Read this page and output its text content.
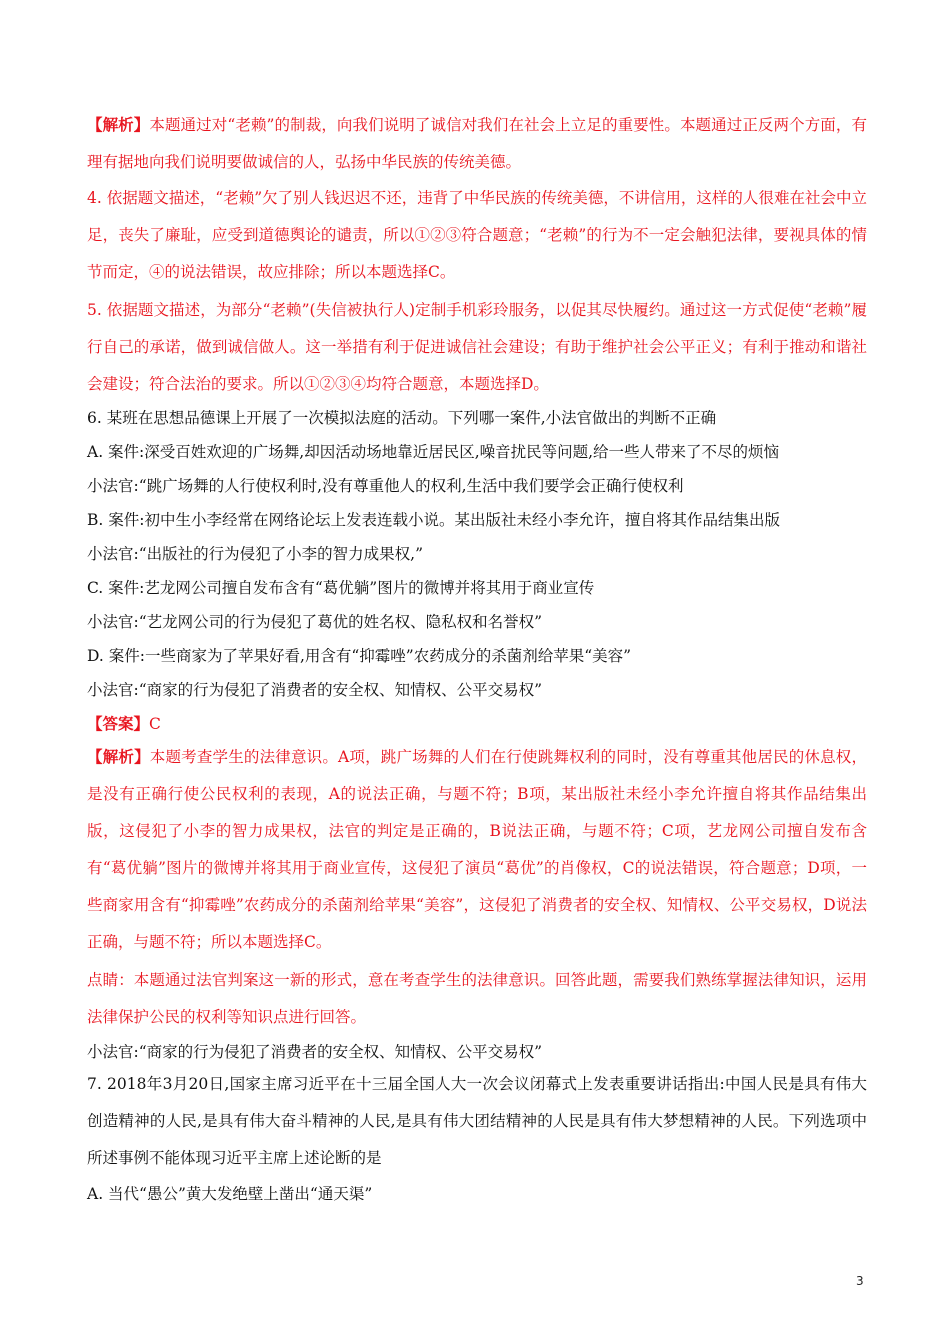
【解析】本题通过对“老赖”的制裁，向我们说明了诚信对我们在社会上立足的重要性。本题通过正反两个方面，有理有据地向我们说明要做诚信的人，弘扬中华民族的传统美德。

4. 依据题文描述，“老赖”欠了别人钱迟迟不还，违背了中华民族的传统美德，不讲信用，这样的人很难在社会中立足，丧失了廉耻，应受到道德舆论的谴责，所以①②③符合题意；“老赖”的行为不一定会触犯法律，要视具体的情节而定，④的说法错误，故应排除；所以本题选择C。

5. 依据题文描述，为部分“老赖”(失信被执行人)定制手机彩玲服务，以促其尽快履约。通过这一方式促使“老赖”履行自己的承诺，做到诚信做人。这一举措有利于促进诚信社会建设；有助于维护社会公平正义；有利于推动和谐社会建设；符合法治的要求。所以①②③④均符合题意，本题选择D。

6. 某班在思想品德课上开展了一次模拟法庭的活动。下列哪一案件,小法官做出的判断不正确

A. 案件:深受百姓欢迎的广场舞,却因活动场地靠近居民区,噪音扰民等问题,给一些人带来了不尽的烦恼

小法官:“跳广场舞的人行使权利时,没有尊重他人的权利,生活中我们要学会正确行使权利

B. 案件:初中生小李经常在网络论坛上发表连载小说。某出版社未经小李允许，擅自将其作品结集出版

小法官:“出版社的行为侵犯了小李的智力成果权,”

C. 案件:艺龙网公司擅自发布含有“葛优躺”图片的微博并将其用于商业宣传

小法官:“艺龙网公司的行为侵犯了葛优的姓名权、隐私权和名誉权”

D. 案件:一些商家为了苹果好看,用含有“抑霉唑”农药成分的杀菌剂给苹果“美容”

小法官:“商家的行为侵犯了消费者的安全权、知情权、公平交易权”

【答案】C

【解析】本题考查学生的法律意识。A项，跳广场舞的人们在行使跳舞权利的同时，没有尊重其他居民的休息权，是没有正确行使公民权利的表现，A的说法正确，与题不符；B项，某出版社未经小李允许擅自将其作品结集出版，这侵犯了小李的智力成果权，法官的判定是正确的，B说法正确，与题不符；C项，艺龙网公司擅自发布含有“葛优躺”图片的微博并将其用于商业宣传，这侵犯了演员“葛优”的肖像权，C的说法错误，符合题意；D项，一些商家用含有“抑霉唑”农药成分的杀菌剂给苹果“美容”，这侵犯了消费者的安全权、知情权、公平交易权，D说法正确，与题不符；所以本题选择C。

点睛：本题通过法官判案这一新的形式，意在考查学生的法律意识。回答此题，需要我们熟练掌握法律知识，运用法律保护公民的权利等知识点进行回答。

小法官:“商家的行为侵犯了消费者的安全权、知情权、公平交易权”

7. 2018年3月20日,国家主席习近平在十三届全国人大一次会议闭幕式上发表重要讲话指出:中国人民是具有伟大创造精神的人民,是具有伟大奋斗精神的人民,是具有伟大团结精神的人民是具有伟大梦想精神的人民。下列选项中所述事例不能体现习近平主席上述论断的是

A. 当代“愚公”黄大发绝壁上凿出“通天渠”

3
